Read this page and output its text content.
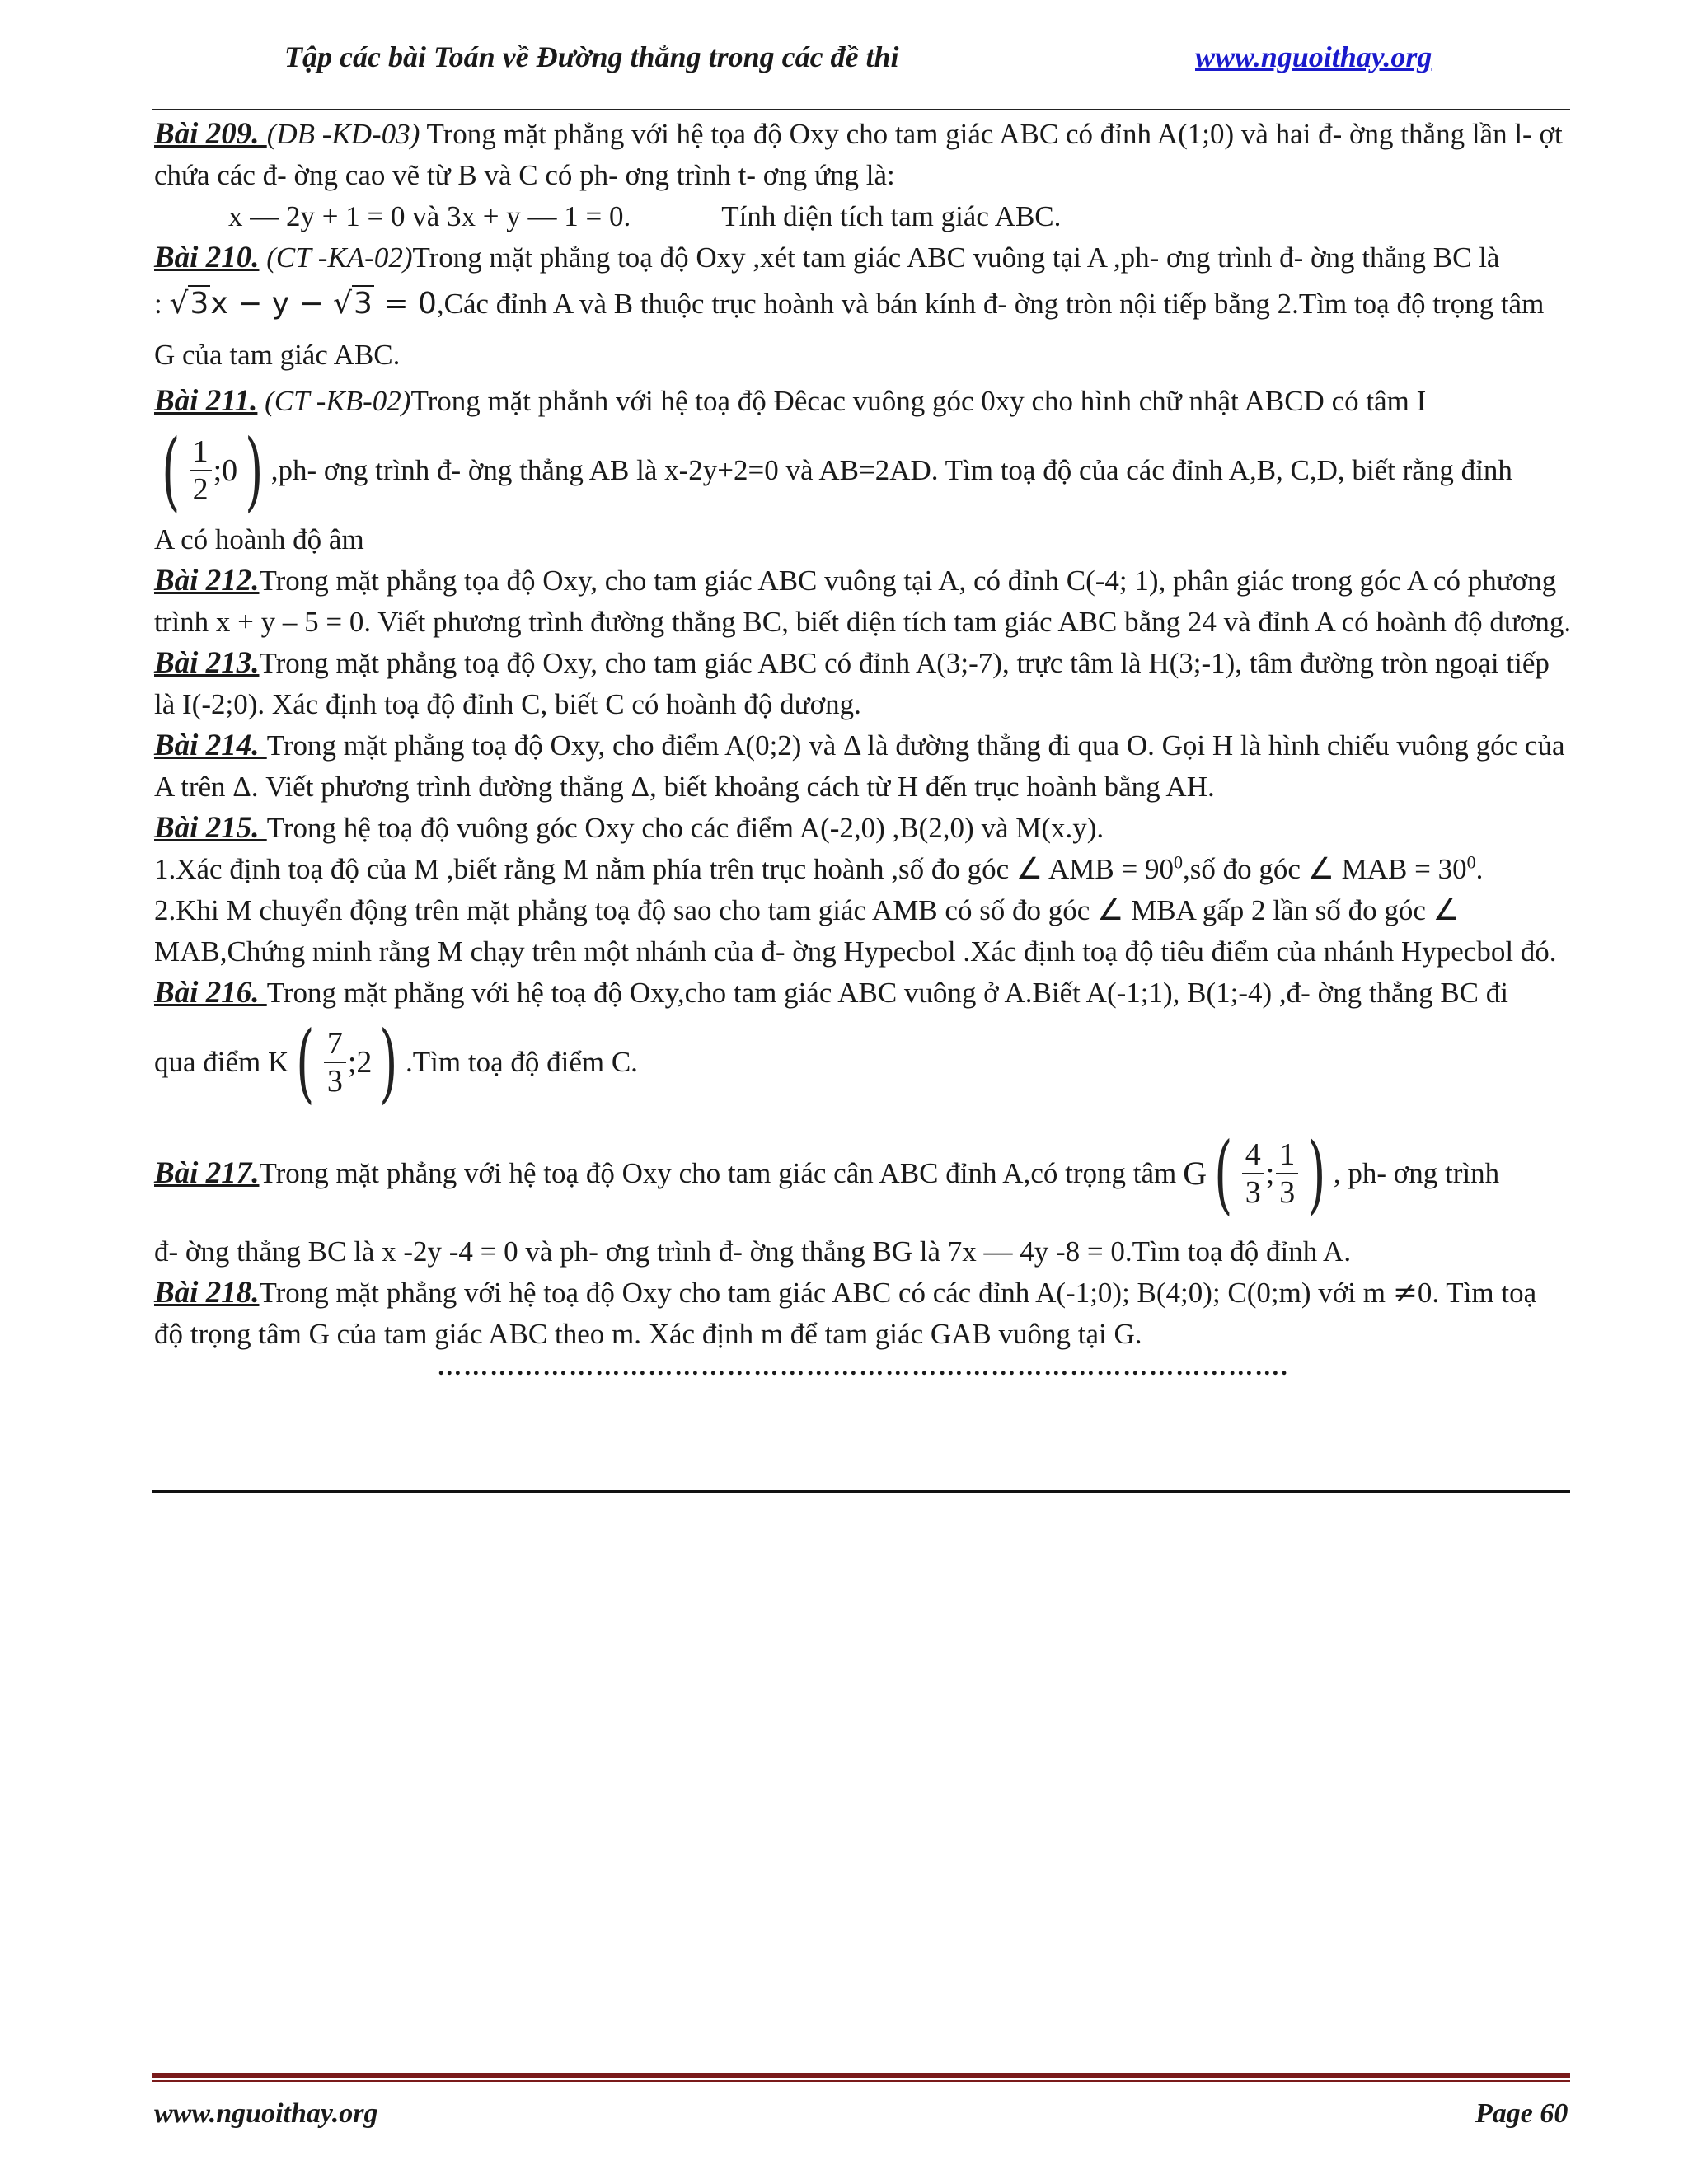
Tập các bài Toán về Đường thẳng trong các đề thi	www.nguoithay.org

Bài 209. (DB -KD-03) Trong mặt phẳng với hệ tọa độ Oxy cho tam giác ABC có đỉnh A(1;0) và hai đ- ờng thẳng lần l- ợt chứa các đ- ờng cao vẽ từ B và C có ph- ơng trình t- ơng ứng là:

x — 2y + 1 = 0 và 3x + y — 1 = 0.	Tính diện tích tam giác ABC.

Bài 210. (CT -KA-02)Trong mặt phẳng toạ độ Oxy ,xét tam giác ABC vuông tại A ,ph- ơng trình đ- ờng thẳng BC là

: √3x − y − √3 = 0,Các đỉnh A và B thuộc trục hoành và bán kính đ- ờng tròn nội tiếp bằng 2.Tìm toạ độ trọng tâm G của tam giác ABC.

Bài 211. (CT -KB-02)Trong mặt phẳnh với hệ toạ độ Đêcac vuông góc 0xy cho hình chữ nhật ABCD có tâm I

( $\frac{1}{2}$ ;0 ) ,ph- ơng trình đ- ờng thẳng AB là x-2y+2=0 và AB=2AD. Tìm toạ độ của các đỉnh A,B, C,D, biết rằng đỉnh

A có hoành độ âm

Bài 212.Trong mặt phẳng tọa độ Oxy, cho tam giác ABC vuông tại A, có đỉnh C(-4; 1), phân giác trong góc A có phương trình x + y – 5 = 0. Viết phương trình đường thẳng BC, biết diện tích tam giác ABC bằng 24 và đỉnh A có hoành độ dương.

Bài 213.Trong mặt phẳng toạ độ Oxy, cho tam giác ABC có đỉnh A(3;-7), trực tâm là H(3;-1), tâm đường tròn ngoại tiếp là I(-2;0). Xác định toạ độ đỉnh C, biết C có hoành độ dương.

Bài 214. Trong mặt phẳng toạ độ Oxy, cho điểm A(0;2) và Δ là đường thẳng đi qua O. Gọi H là hình chiếu vuông góc của A trên Δ. Viết phương trình đường thẳng Δ, biết khoảng cách từ H đến trục hoành bằng AH.

Bài 215. Trong hệ toạ độ vuông góc Oxy cho các điểm A(-2,0) ,B(2,0) và M(x.y).

1.Xác định toạ độ của M ,biết rằng M nằm phía trên trục hoành ,số đo góc ∠ AMB = $90^0,số$ đo góc ∠ MAB = $30^0$.

2.Khi M chuyển động trên mặt phẳng toạ độ sao cho tam giác AMB có số đo góc ∠ MBA gấp 2 lần số đo góc ∠ MAB,Chứng minh rằng M chạy trên một nhánh của đ- ờng Hypecbol .Xác định toạ độ tiêu điểm của nhánh Hypecbol đó.

Bài 216. Trong mặt phẳng với hệ toạ độ Oxy,cho tam giác ABC vuông ở A.Biết A(-1;1), B(1;-4) ,đ- ờng thẳng BC đi

qua điểm K ( $\frac{7}{3}$ ;2 ) .Tìm toạ độ điểm C.
Bài 217. Trong mặt phẳng với hệ toạ độ Oxy cho tam giác cân ABC đỉnh A,có trọng tâm G ( $\frac{4}{3}$ ; $\frac{1}{3}$ ) , ph- ơng trình

đ- ờng thẳng BC là x -2y -4 = 0 và ph- ơng trình đ- ờng thẳng BG là 7x — 4y -8 = 0.Tìm toạ độ đỉnh A.

Bài 218.Trong mặt phẳng với hệ toạ độ Oxy cho tam giác ABC có các đỉnh A(-1;0); B(4;0); C(0;m) với m ≠0. Tìm toạ độ trọng tâm G của tam giác ABC theo m. Xác định m để tam giác GAB vuông tại G.

…………………………………………………………………………………….

www.nguoithay.org	Page 60
